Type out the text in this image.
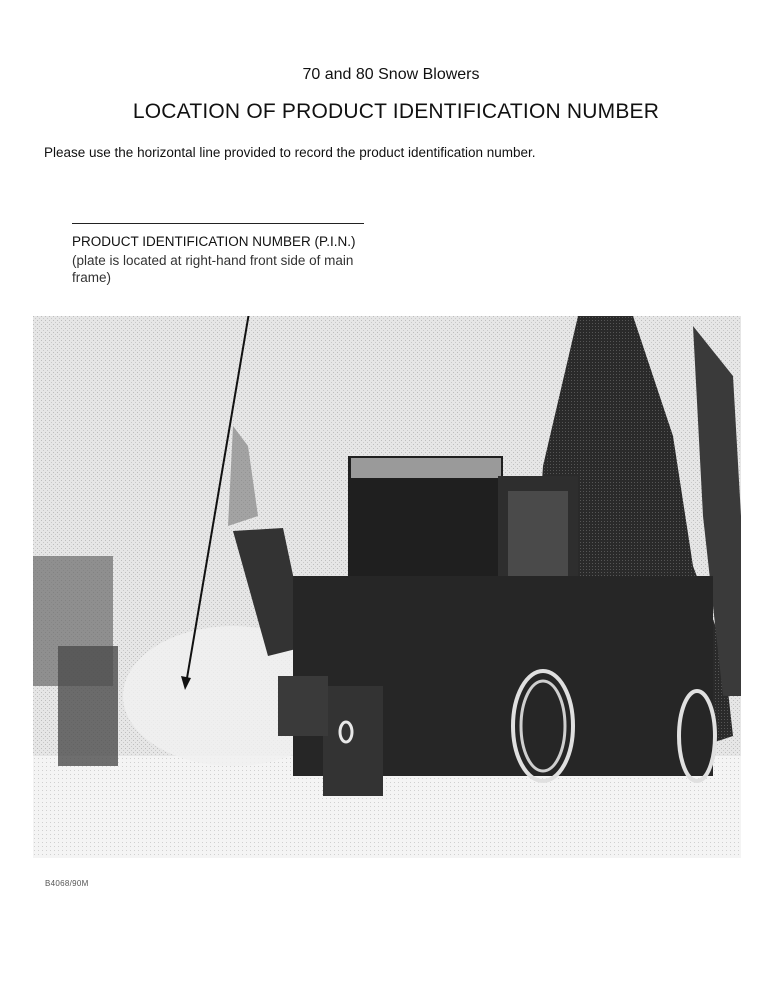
70 and 80 Snow Blowers
LOCATION OF PRODUCT IDENTIFICATION NUMBER
Please use the horizontal line provided to record the product identification number.
PRODUCT IDENTIFICATION NUMBER (P.I.N.)
(plate is located at right-hand front side of main frame)
B4068/90M
